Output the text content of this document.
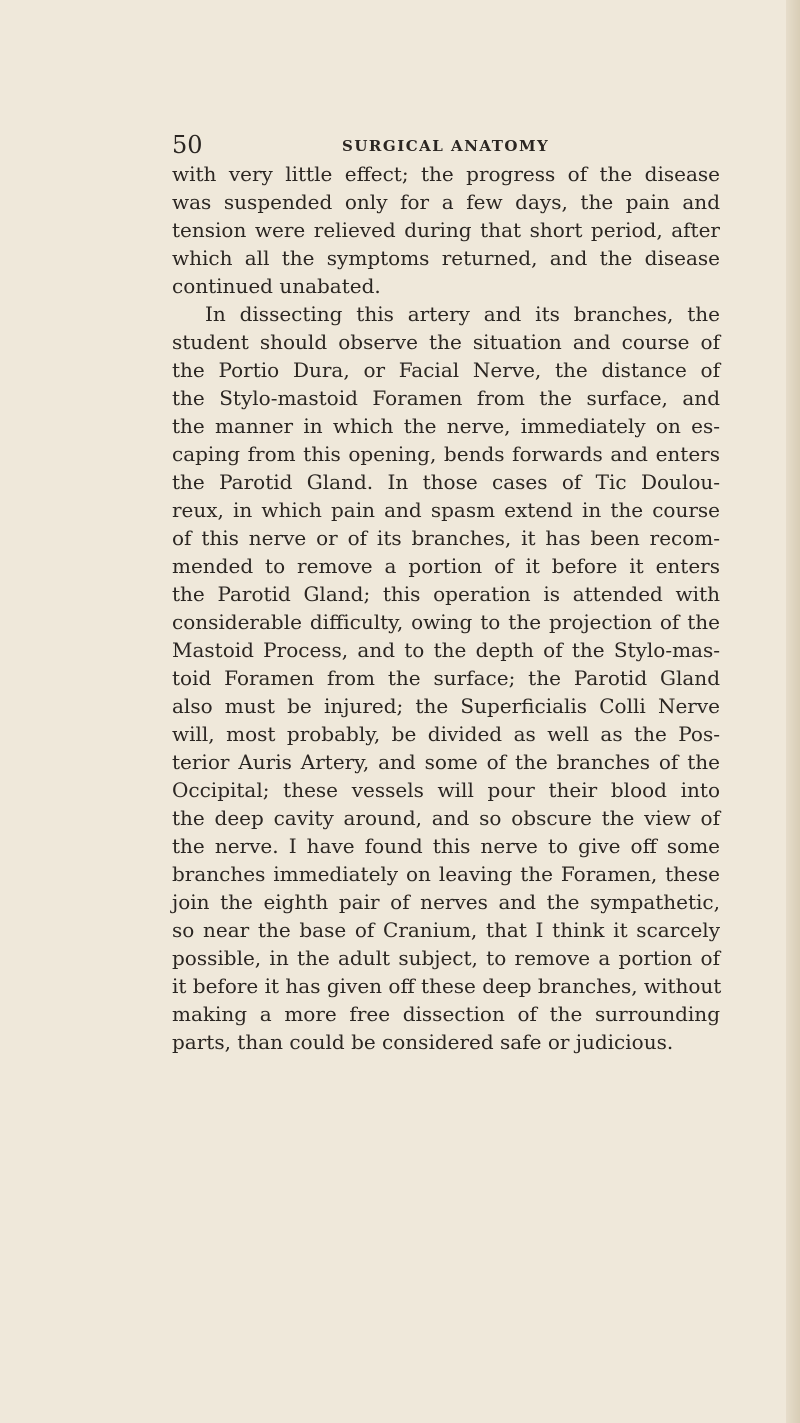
50	SURGICAL ANATOMY
with very little effect; the progress of the disease
was suspended only for a few days, the pain and
tension were relieved during that short period, after
which all the symptoms returned, and the disease
continued unabated.
In dissecting this artery and its branches, the
student should observe the situation and course of
the Portio Dura, or Facial Nerve, the distance of
the Stylo-mastoid Foramen from the surface, and
the manner in which the nerve, immediately on es-
caping from this opening, bends forwards and enters
the Parotid Gland. In those cases of Tic Doulou-
reux, in which pain and spasm extend in the course
of this nerve or of its branches, it has been recom-
mended to remove a portion of it before it enters
the Parotid Gland; this operation is attended with
considerable difficulty, owing to the projection of the
Mastoid Process, and to the depth of the Stylo-mas-
toid Foramen from the surface; the Parotid Gland
also must be injured; the Superficialis Colli Nerve
will, most probably, be divided as well as the Pos-
terior Auris Artery, and some of the branches of the
Occipital; these vessels will pour their blood into
the deep cavity around, and so obscure the view of
the nerve. I have found this nerve to give off some
branches immediately on leaving the Foramen, these
join the eighth pair of nerves and the sympathetic,
so near the base of Cranium, that I think it scarcely
possible, in the adult subject, to remove a portion of
it before it has given off these deep branches, without
making a more free dissection of the surrounding
parts, than could be considered safe or judicious.
